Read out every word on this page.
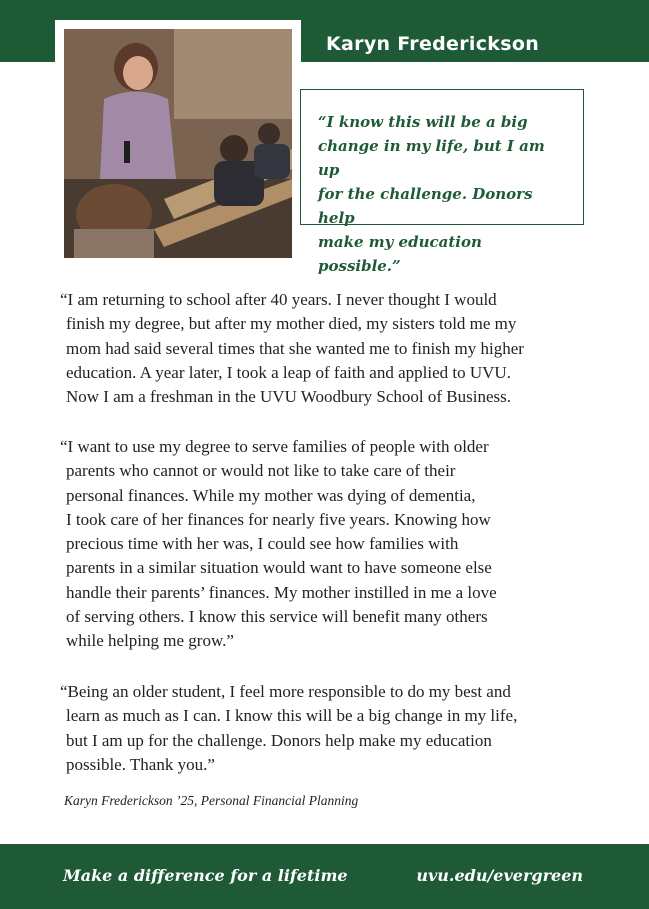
Karyn Frederickson

“I know this will be a big
change in my life, but I am up
for the challenge. Donors help
make my education possible.”

“I am returning to school after 40 years. I never thought I would
finish my degree, but after my mother died, my sisters told me my
mom had said several times that she wanted me to finish my higher
education. A year later, I took a leap of faith and applied to UVU.
Now I am a freshman in the UVU Woodbury School of Business.

“I want to use my degree to serve families of people with older
parents who cannot or would not like to take care of their
personal finances. While my mother was dying of dementia,
I took care of her finances for nearly five years. Knowing how
precious time with her was, I could see how families with
parents in a similar situation would want to have someone else
handle their parents’ finances. My mother instilled in me a love
of serving others. I know this service will benefit many others
while helping me grow.”

“Being an older student, I feel more responsible to do my best and
learn as much as I can. I know this will be a big change in my life,
but I am up for the challenge. Donors help make my education
possible. Thank you.”

Karyn Frederickson ’25, Personal Financial Planning
Make a difference for a lifetime	uvu.edu/evergreen
